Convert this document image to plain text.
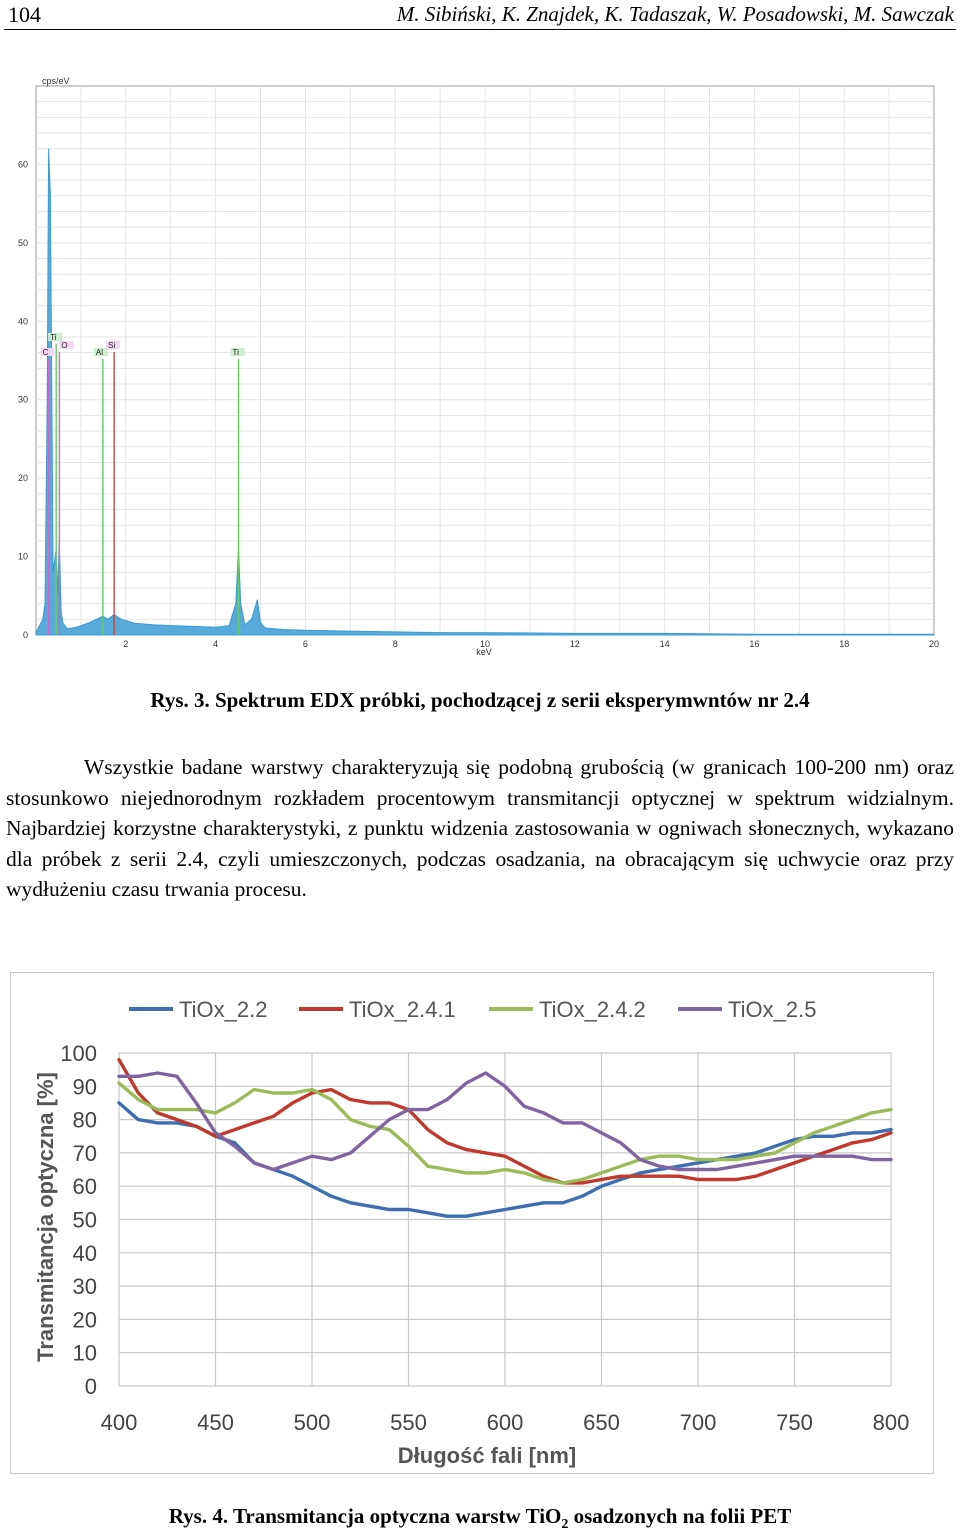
104	M. Sibiński, K. Znajdek, K. Tadaszak, W. Posadowski, M. Sawczak
C
Ti
O
Al
Si
Ti
2	4	6	8	10	12	14	16	18	20
0
10
20
30
40
50
60
cps/eV
keV
Rys. 3. Spektrum EDX próbki, pochodzącej z serii eksperymwntów nr 2.4
Wszystkie badane warstwy charakteryzują się podobną grubością (w granicach 100-200 nm) oraz stosunkowo niejednorodnym rozkładem procentowym transmitancji optycznej w spektrum widzialnym. Najbardziej korzystne charakterystyki, z punktu widzenia zastosowania w ogniwach słonecznych, wykazano dla próbek z serii 2.4, czyli umieszczonych, podczas osadzania, na obracającym się uchwycie oraz przy wydłużeniu czasu trwania procesu.
TiOx_2.2	TiOx_2.4.1	TiOx_2.4.2	TiOx_2.5
0
10
20
30
40
50
60
70
80
90
100
400	450	500	550	600	650	700	750	800
Długość fali [nm]
Transmitancja optyczna [%]
Rys. 4. Transmitancja optyczna warstw TiO$_2$ osadzonych na folii PET
